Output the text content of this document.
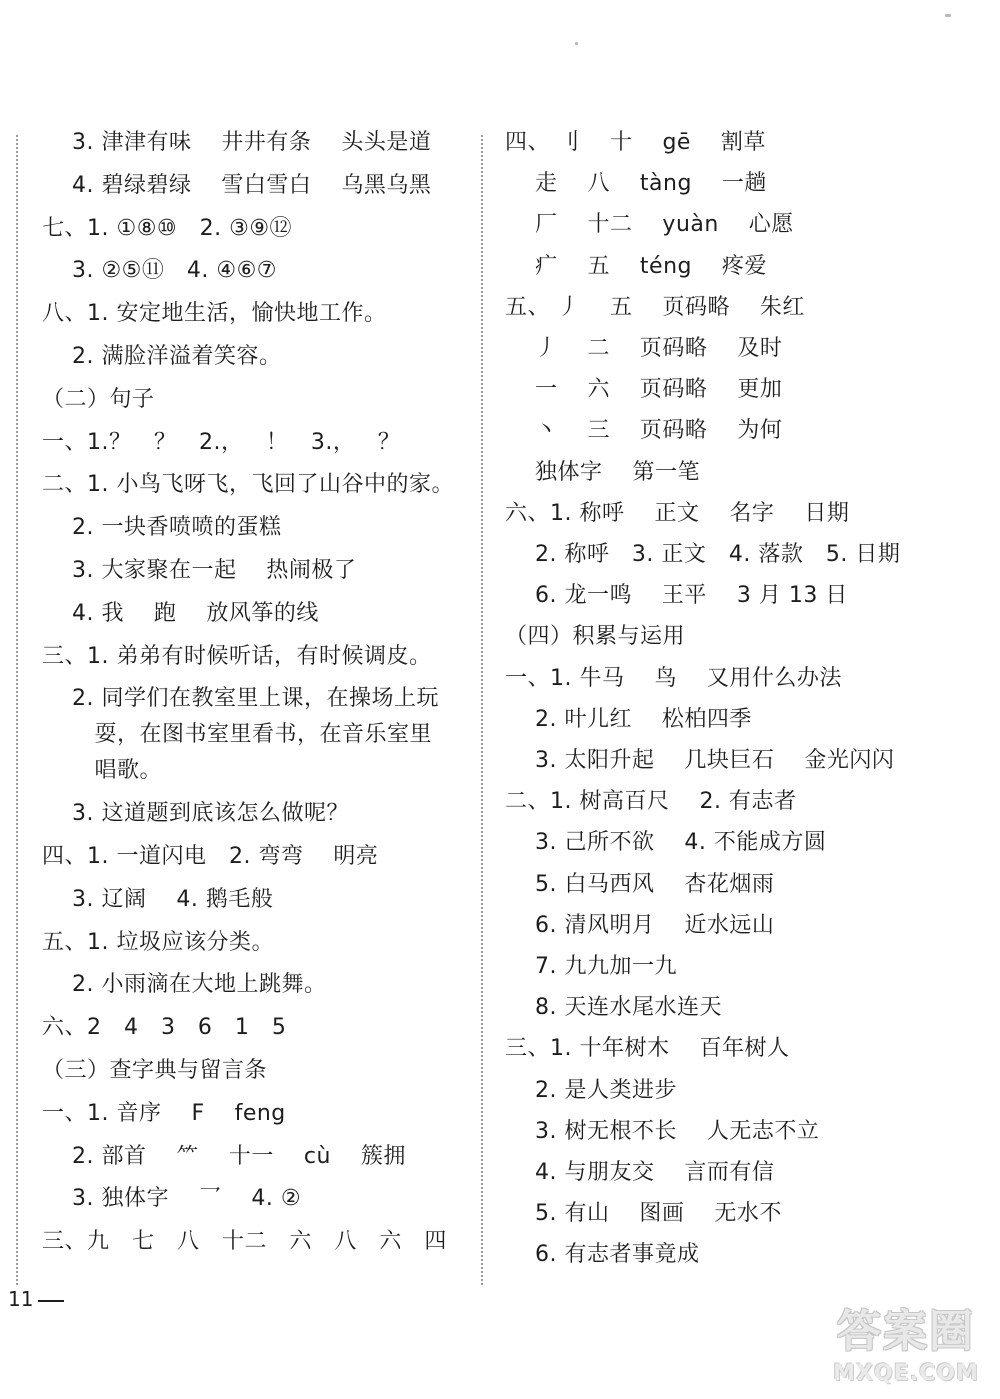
3. 津津有味    井井有条    头头是道
4. 碧绿碧绿    雪白雪白    乌黑乌黑
七、1. ①⑧⑩   2. ③⑨⑫
3. ②⑤⑪   4. ④⑥⑦
八、1. 安定地生活，愉快地工作。
2. 满脸洋溢着笑容。
（二）句子
一、1.？   ？   2.，   ！   3.，   ？
二、1. 小鸟飞呀飞，飞回了山谷中的家。
2. 一块香喷喷的蛋糕
3. 大家聚在一起    热闹极了
4. 我    跑    放风筝的线
三、1. 弟弟有时候听话，有时候调皮。
2. 同学们在教室里上课，在操场上玩
耍，在图书室里看书，在音乐室里
唱歌。
3. 这道题到底该怎么做呢？
四、1. 一道闪电   2. 弯弯    明亮
3. 辽阔    4. 鹅毛般
五、1. 垃圾应该分类。
2. 小雨滴在大地上跳舞。
六、2   4   3   6   1   5
（三）查字典与留言条
一、1. 音序    F    feng
2. 部首    ⺮    十一    cù    簇拥
3. 独体字    乛    4. ②
三、九   七   八   十二   六   八   六   四
四、 刂    十    gē    割草
走    八    tàng    一趟
厂    十二    yuàn    心愿
疒    五    téng    疼爱
五、 丿    五    页码略    朱红
丿    二    页码略    及时
一    六    页码略    更加
丶    三    页码略    为何
独体字    第一笔
六、1. 称呼    正文    名字    日期
2. 称呼   3. 正文   4. 落款   5. 日期
6. 龙一鸣    王平    3 月 13 日
（四）积累与运用
一、1. 牛马    鸟    又用什么办法
2. 叶儿红    松柏四季
3. 太阳升起    几块巨石    金光闪闪
二、1. 树高百尺    2. 有志者
3. 己所不欲    4. 不能成方圆
5. 白马西风    杏花烟雨
6. 清风明月    近水远山
7. 九九加一九
8. 天连水尾水连天
三、1. 十年树木    百年树人
2. 是人类进步
3. 树无根不长    人无志不立
4. 与朋友交    言而有信
5. 有山    图画    无水不
6. 有志者事竟成
11
答案圈
MXQE.COM
